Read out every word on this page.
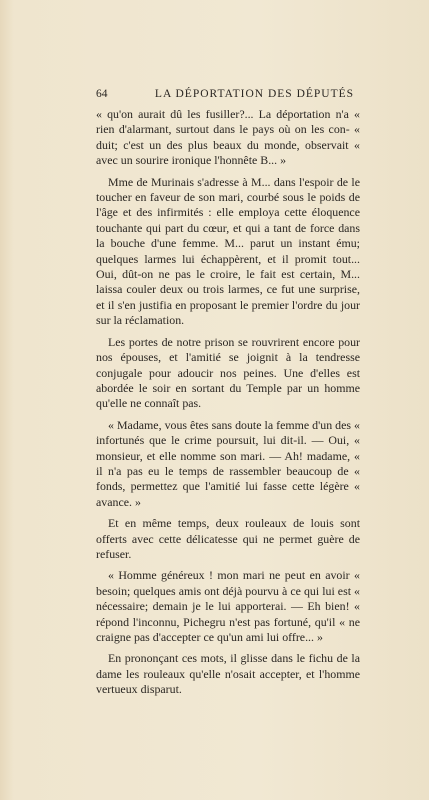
64	LA DÉPORTATION DES DÉPUTÉS

« qu'on aurait dû les fusiller?... La déportation n'a « rien d'alarmant, surtout dans le pays où on les con- « duit; c'est un des plus beaux du monde, observait « avec un sourire ironique l'honnête B... »

Mme de Murinais s'adresse à M... dans l'espoir de le toucher en faveur de son mari, courbé sous le poids de l'âge et des infirmités : elle employa cette éloquence touchante qui part du cœur, et qui a tant de force dans la bouche d'une femme. M... parut un instant ému; quelques larmes lui échappèrent, et il promit tout... Oui, dût-on ne pas le croire, le fait est certain, M... laissa couler deux ou trois larmes, ce fut une surprise, et il s'en justifia en proposant le premier l'ordre du jour sur la réclamation.

Les portes de notre prison se rouvrirent encore pour nos épouses, et l'amitié se joignit à la tendresse conjugale pour adoucir nos peines. Une d'elles est abordée le soir en sortant du Temple par un homme qu'elle ne connaît pas.

« Madame, vous êtes sans doute la femme d'un des « infortunés que le crime poursuit, lui dit-il. — Oui, « monsieur, et elle nomme son mari. — Ah! madame, « il n'a pas eu le temps de rassembler beaucoup de « fonds, permettez que l'amitié lui fasse cette légère « avance. »

Et en même temps, deux rouleaux de louis sont offerts avec cette délicatesse qui ne permet guère de refuser.

« Homme généreux ! mon mari ne peut en avoir « besoin; quelques amis ont déjà pourvu à ce qui lui est « nécessaire; demain je le lui apporterai. — Eh bien! « répond l'inconnu, Pichegru n'est pas fortuné, qu'il « ne craigne pas d'accepter ce qu'un ami lui offre... »

En prononçant ces mots, il glisse dans le fichu de la dame les rouleaux qu'elle n'osait accepter, et l'homme vertueux disparut.
